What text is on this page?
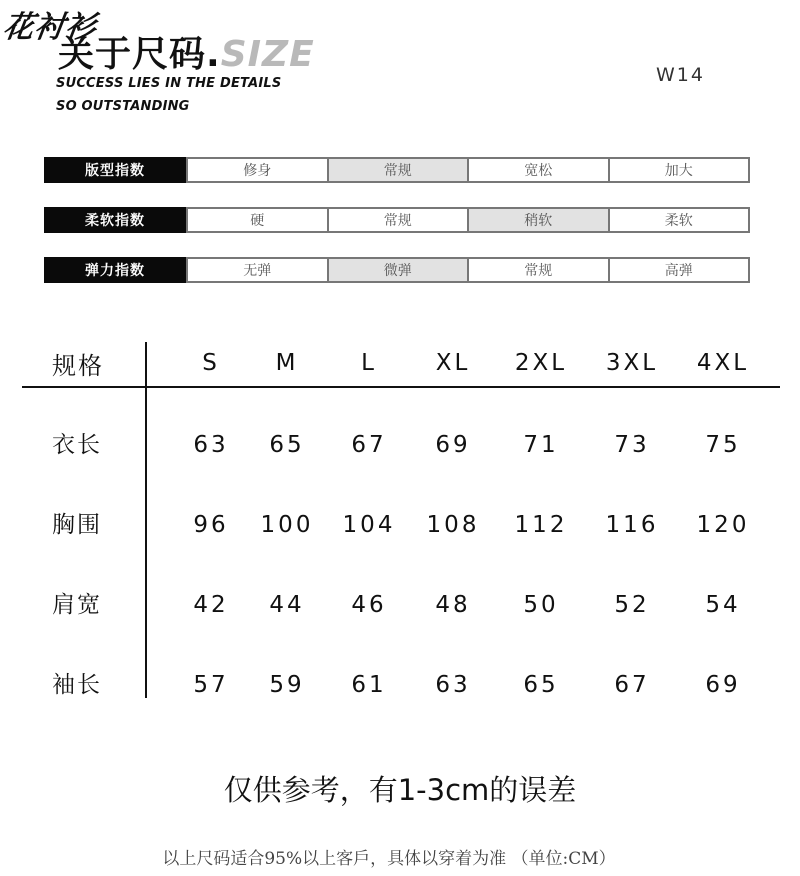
花衬衫
关于尺码.SIZE
SUCCESS LIES IN THE DETAILS
SO OUTSTANDING
W14
版型指数	修身	常规	宽松	加大
柔软指数	硬	常规	稍软	柔软
弹力指数	无弹	微弹	常规	高弹
规格	S	M	L	XL	2XL	3XL	4XL
衣长	63	65	67	69	71	73	75
胸围	96	100	104	108	112	116	120
肩宽	42	44	46	48	50	52	54
袖长	57	59	61	63	65	67	69
仅供参考，有1-3cm的误差
以上尺码适合95%以上客戶，具体以穿着为准 （单位:CM）
